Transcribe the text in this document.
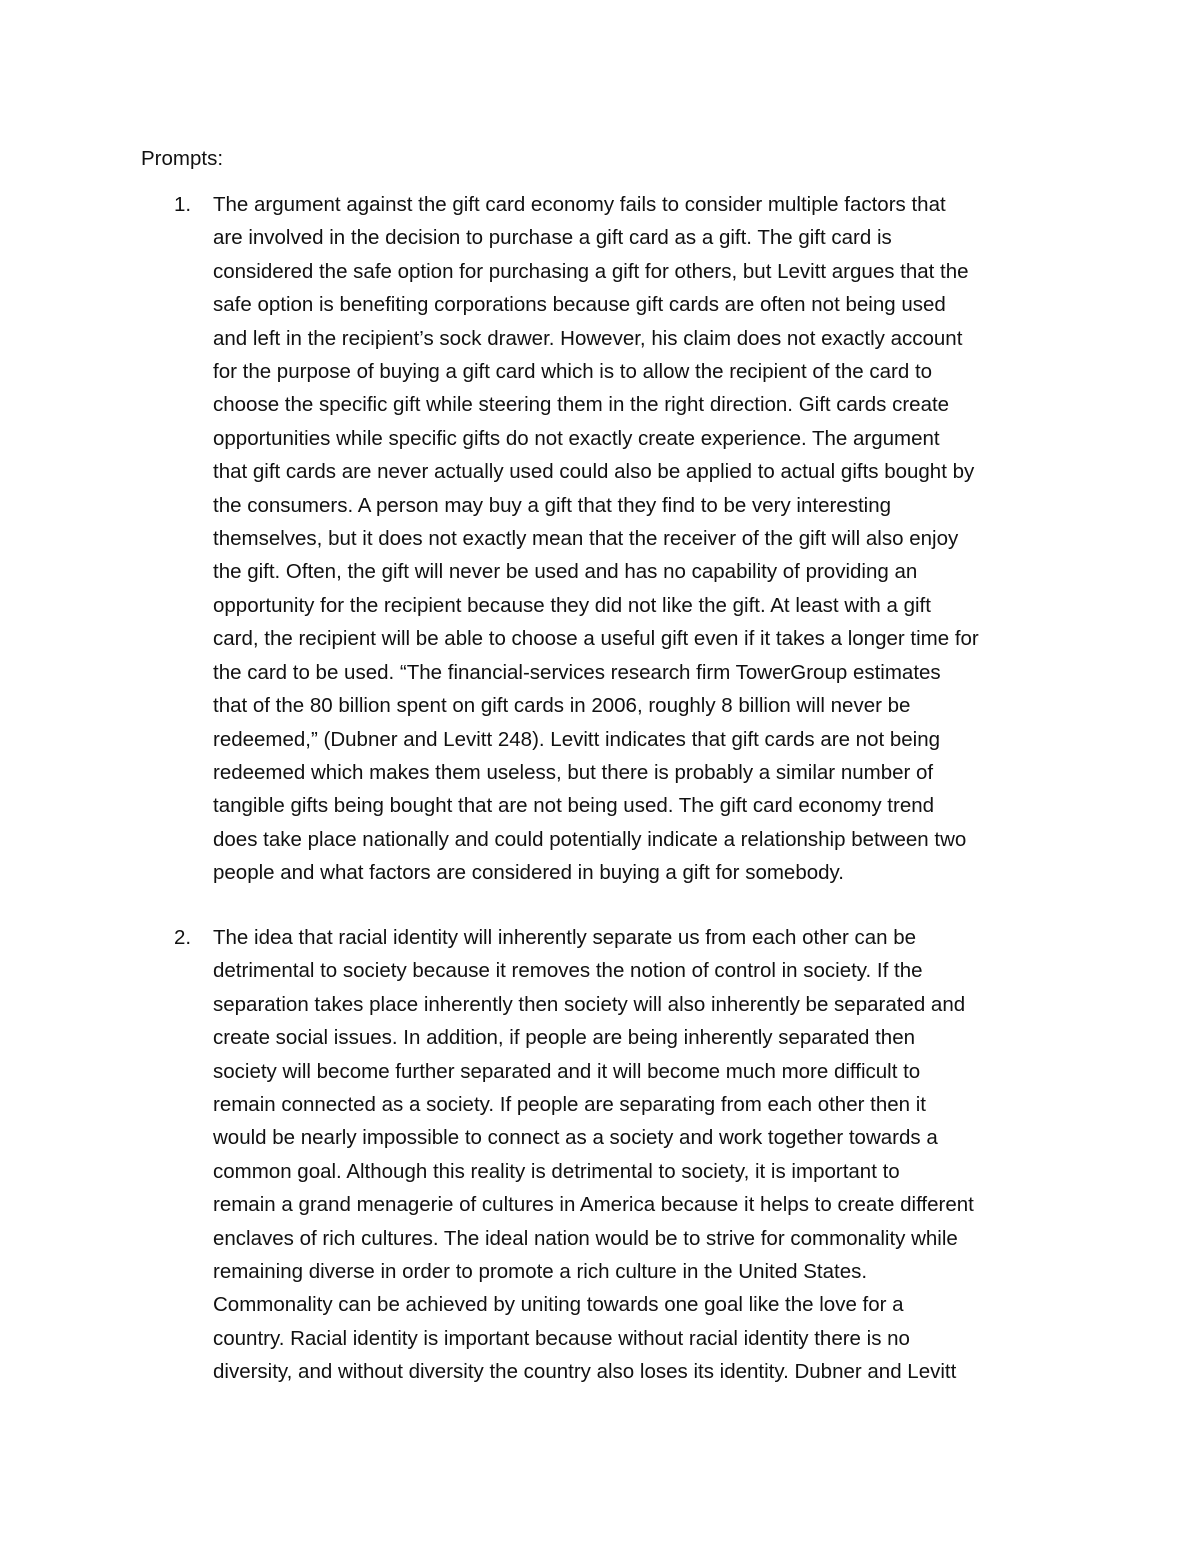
Prompts:
1. The argument against the gift card economy fails to consider multiple factors that
are involved in the decision to purchase a gift card as a gift. The gift card is
considered the safe option for purchasing a gift for others, but Levitt argues that the
safe option is benefiting corporations because gift cards are often not being used
and left in the recipient’s sock drawer. However, his claim does not exactly account
for the purpose of buying a gift card which is to allow the recipient of the card to
choose the specific gift while steering them in the right direction. Gift cards create
opportunities while specific gifts do not exactly create experience. The argument
that gift cards are never actually used could also be applied to actual gifts bought by
the consumers. A person may buy a gift that they find to be very interesting
themselves, but it does not exactly mean that the receiver of the gift will also enjoy
the gift. Often, the gift will never be used and has no capability of providing an
opportunity for the recipient because they did not like the gift. At least with a gift
card, the recipient will be able to choose a useful gift even if it takes a longer time for
the card to be used. “The financial-services research firm TowerGroup estimates
that of the 80 billion spent on gift cards in 2006, roughly 8 billion will never be
redeemed,” (Dubner and Levitt 248). Levitt indicates that gift cards are not being
redeemed which makes them useless, but there is probably a similar number of
tangible gifts being bought that are not being used. The gift card economy trend
does take place nationally and could potentially indicate a relationship between two
people and what factors are considered in buying a gift for somebody.
2. The idea that racial identity will inherently separate us from each other can be
detrimental to society because it removes the notion of control in society. If the
separation takes place inherently then society will also inherently be separated and
create social issues. In addition, if people are being inherently separated then
society will become further separated and it will become much more difficult to
remain connected as a society. If people are separating from each other then it
would be nearly impossible to connect as a society and work together towards a
common goal. Although this reality is detrimental to society, it is important to
remain a grand menagerie of cultures in America because it helps to create different
enclaves of rich cultures. The ideal nation would be to strive for commonality while
remaining diverse in order to promote a rich culture in the United States.
Commonality can be achieved by uniting towards one goal like the love for a
country. Racial identity is important because without racial identity there is no
diversity, and without diversity the country also loses its identity. Dubner and Levitt
